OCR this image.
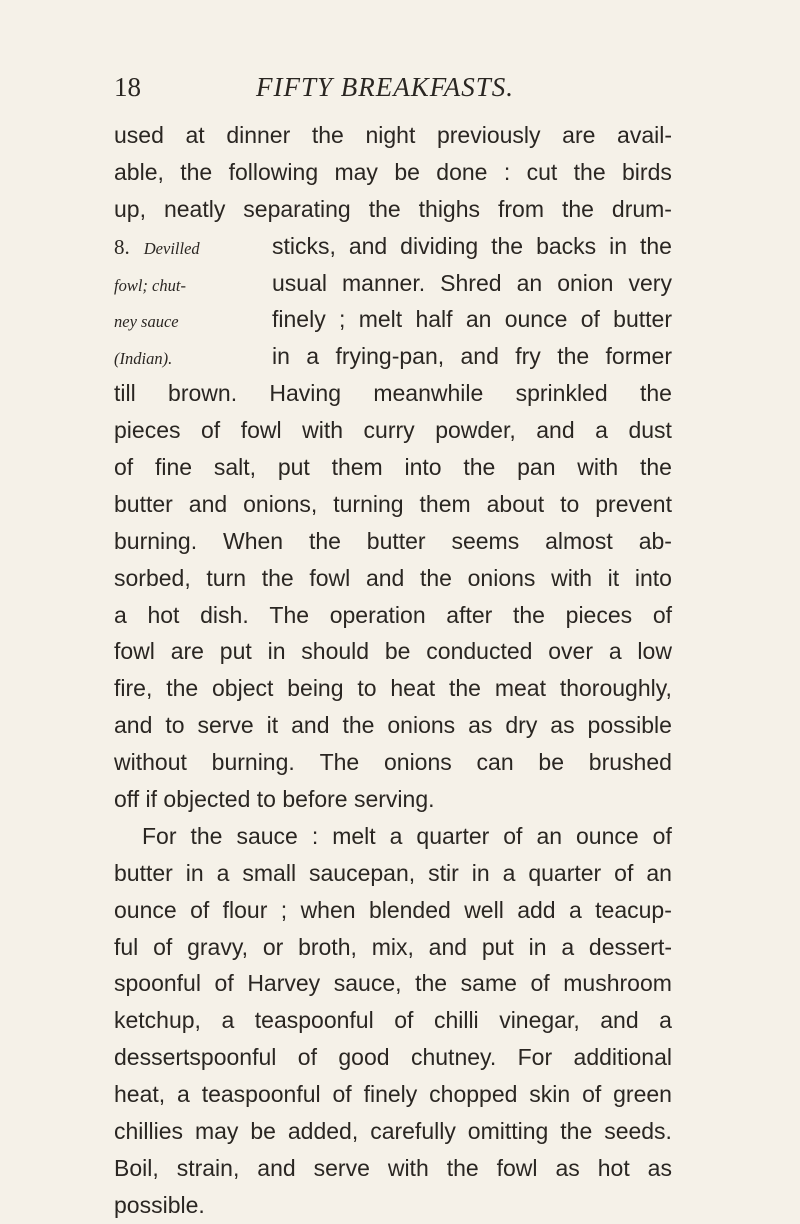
18	FIFTY BREAKFASTS.
used at dinner the night previously are avail-
able, the following may be done : cut the birds
up, neatly separating the thighs from the drum-
8. Devilled	sticks, and dividing the backs in the
fowl; chut-	usual manner. Shred an onion very
ney sauce	finely ; melt half an ounce of butter
(Indian).	in a frying-pan, and fry the former
till brown. Having meanwhile sprinkled the
pieces of fowl with curry powder, and a dust
of fine salt, put them into the pan with the
butter and onions, turning them about to prevent
burning. When the butter seems almost ab-
sorbed, turn the fowl and the onions with it into
a hot dish. The operation after the pieces of
fowl are put in should be conducted over a low
fire, the object being to heat the meat thoroughly,
and to serve it and the onions as dry as possible
without burning. The onions can be brushed
off if objected to before serving.
For the sauce : melt a quarter of an ounce of
butter in a small saucepan, stir in a quarter of an
ounce of flour ; when blended well add a teacup-
ful of gravy, or broth, mix, and put in a dessert-
spoonful of Harvey sauce, the same of mushroom
ketchup, a teaspoonful of chilli vinegar, and a
dessertspoonful of good chutney. For additional
heat, a teaspoonful of finely chopped skin of green
chillies may be added, carefully omitting the seeds.
Boil, strain, and serve with the fowl as hot as
possible.
